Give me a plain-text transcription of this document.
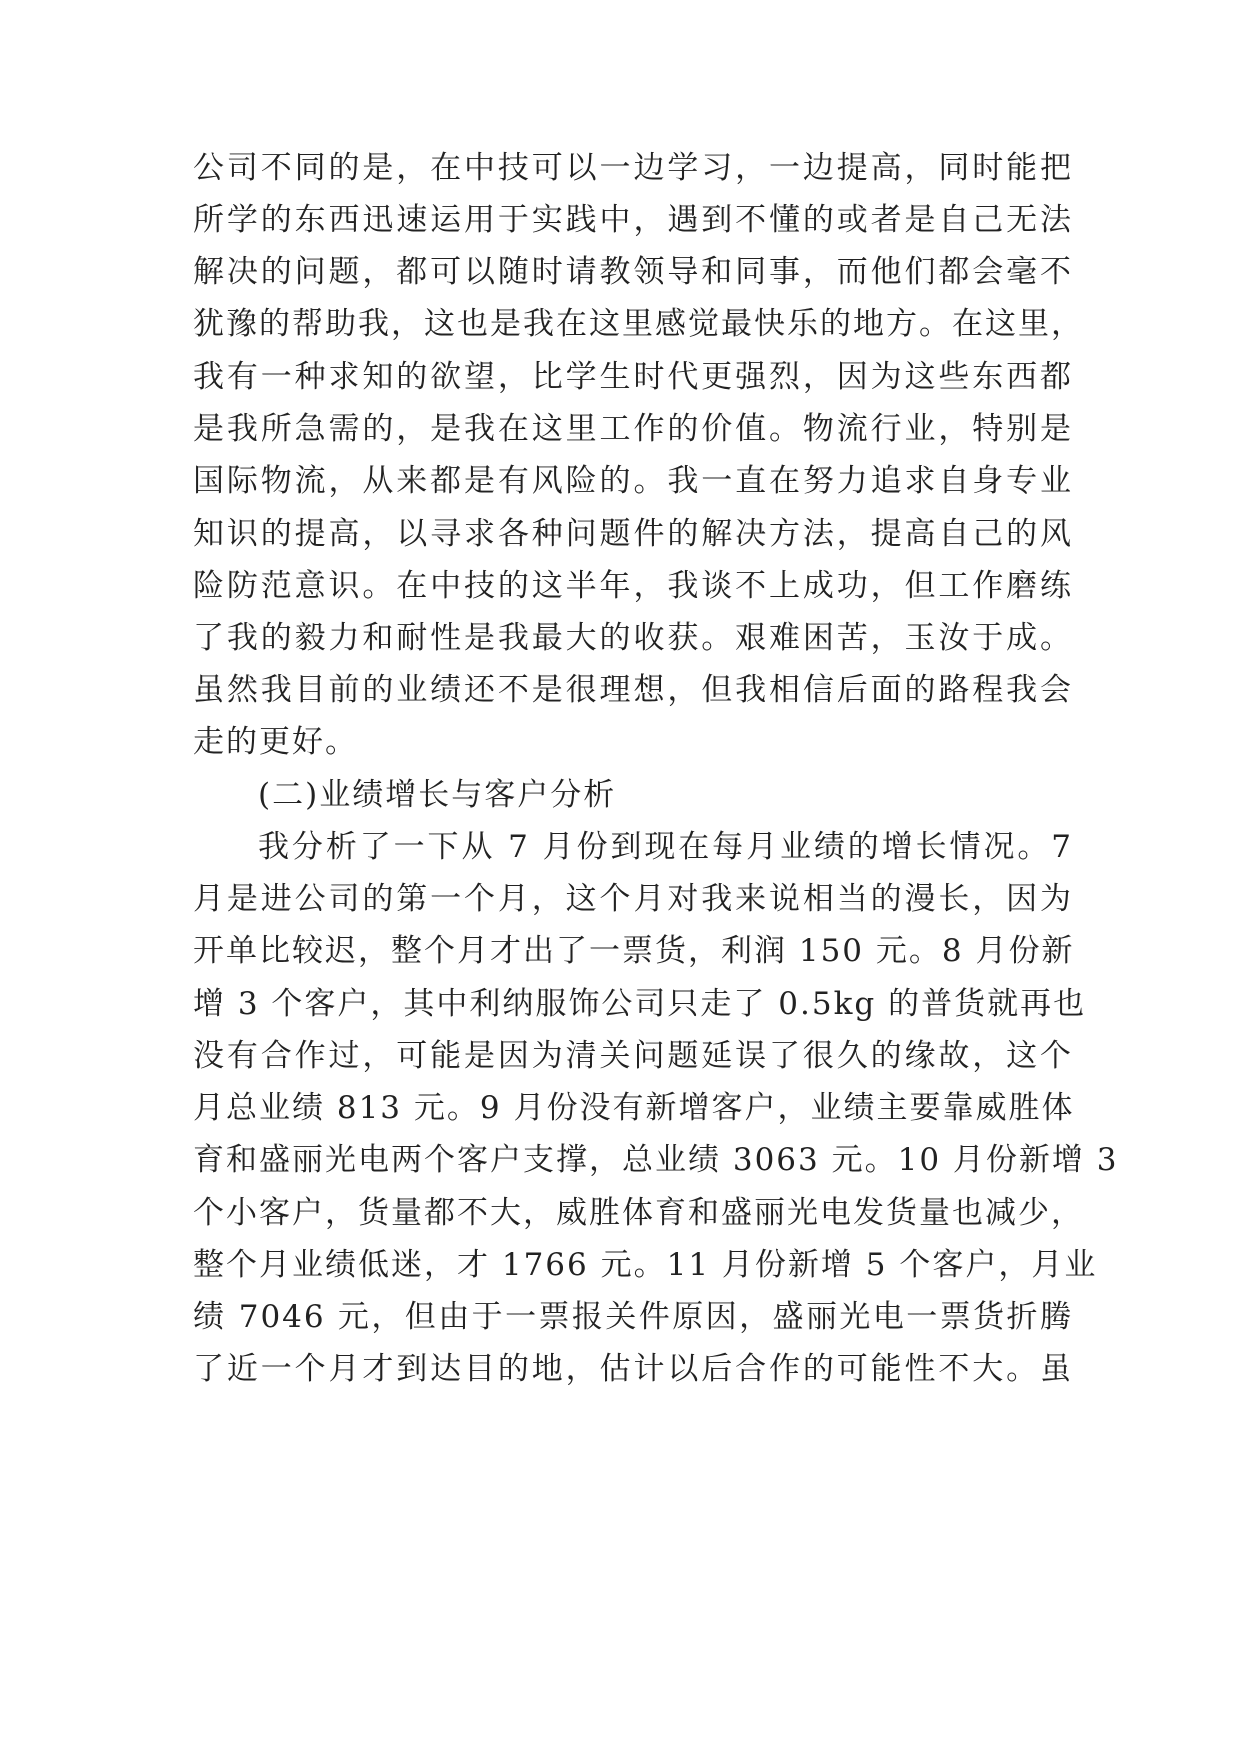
公司不同的是，在中技可以一边学习，一边提高，同时能把
所学的东西迅速运用于实践中，遇到不懂的或者是自己无法
解决的问题，都可以随时请教领导和同事，而他们都会毫不
犹豫的帮助我，这也是我在这里感觉最快乐的地方。在这里，
我有一种求知的欲望，比学生时代更强烈，因为这些东西都
是我所急需的，是我在这里工作的价值。物流行业，特别是
国际物流，从来都是有风险的。我一直在努力追求自身专业
知识的提高，以寻求各种问题件的解决方法，提高自己的风
险防范意识。在中技的这半年，我谈不上成功，但工作磨练
了我的毅力和耐性是我最大的收获。艰难困苦，玉汝于成。
虽然我目前的业绩还不是很理想，但我相信后面的路程我会
走的更好。
(二)业绩增长与客户分析
我分析了一下从 7 月份到现在每月业绩的增长情况。7
月是进公司的第一个月，这个月对我来说相当的漫长，因为
开单比较迟，整个月才出了一票货，利润 150 元。8 月份新
增 3 个客户，其中利纳服饰公司只走了 0.5kg 的普货就再也
没有合作过，可能是因为清关问题延误了很久的缘故，这个
月总业绩 813 元。9 月份没有新增客户，业绩主要靠威胜体
育和盛丽光电两个客户支撑，总业绩 3063 元。10 月份新增 3
个小客户，货量都不大，威胜体育和盛丽光电发货量也减少，
整个月业绩低迷，才 1766 元。11 月份新增 5 个客户，月业
绩 7046 元，但由于一票报关件原因，盛丽光电一票货折腾
了近一个月才到达目的地，估计以后合作的可能性不大。虽
